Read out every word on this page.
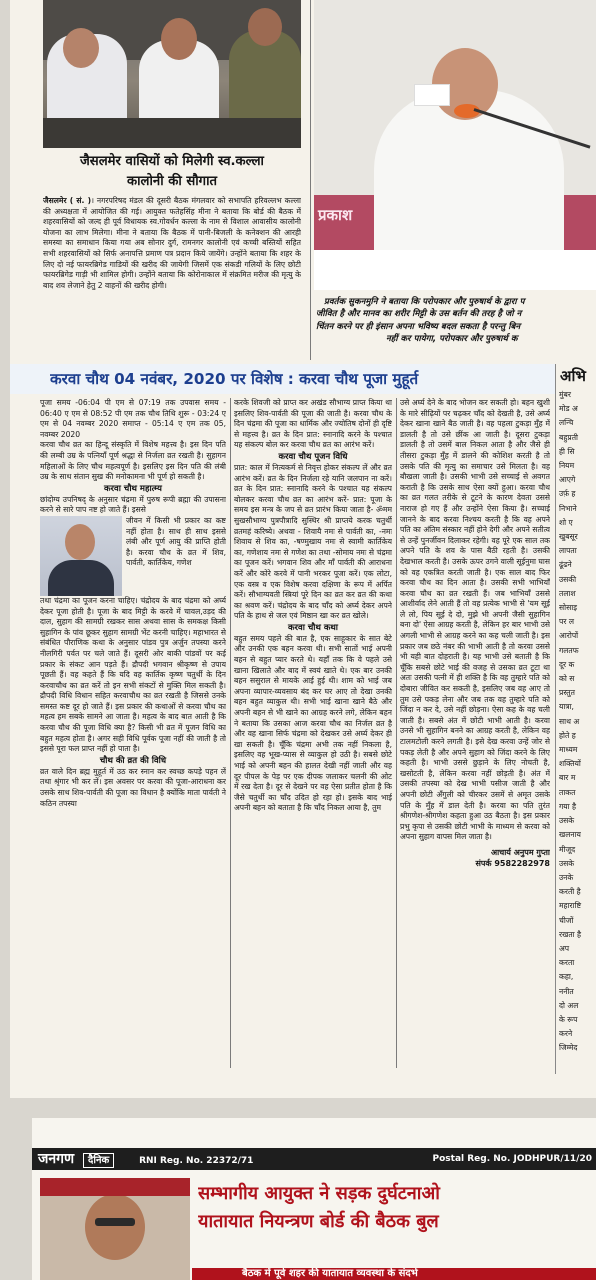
जैसलमेर वासियों को मिलेगी स्व.कल्ला
कालोनी की सौगात
जैसलमेर ( सं. )। नगरपरिषद मंडल की दूसरी बैठक मंगलवार को सभापति हरिवल्लभ कल्ला की अध्यक्षता में आयोजित की गई। आयुक्त फतेहसिंह मीना ने बताया कि बोर्ड की बैठक में शहरवासियों को जल्द ही पूर्व विधायक स्व.गोवर्धन कल्ला के नाम से विशाल आवासीय कालोनी योजना का लाभ मिलेगा। मीना ने बताया कि बैठक में पानी-बिजली के कनेक्शन की आरही समस्या का समाधान किया गया अब सोनार दुर्ग, रामनगर कालोनी एवं कच्ची बस्तियों सहित सभी शहरवासियों को सिर्फ अनापत्ति प्रमाण पत्र प्रदान किये जायेंगे। उन्होंने बताया कि शहर के लिए दो नई फायरब्रिगेड गाडियों की खरीद की जायेगी जिसमें एक संकडी गलियों के लिए छोटी फायरब्रिगेड गाड़ी भी शामिल होगी। उन्होंने बताया कि कोरोनाकाल में संक्रमित मरीज की मृत्यु के बाद शव लेजाने हेतु 2 वाहनों की खरीद होगी।
प्रकाश
प्रवर्तक सुकनमुनि ने बताया कि परोपकार और पुरुषार्थ के द्वारा प
जीवित है और मानव का शरीर मिट्टी के उस बर्तन की तरह है जो न
चिंतन करने पर ही इंसान अपना भविष्य बदल सकता है परन्तु बिन
नहीं कर पायेगा, परोपकार और पुरुषार्थ क
करवा चौथ 04 नवंबर, 2020 पर विशेष : करवा चौथ पूजा मुहूर्त	अभि
मुंबर
मोड अ
लन्चि
बहुप्रती
ही सि
नियम
आएगे
उर्फ़ ह
निभाने
शो ए
खुबसूर
लापता
ढूंढने
उसकी
तलाश
सोसाइ
पर ल
आरोपों
गलतफ
दूर क
को स
प्रस्तुत
यात्रा,
साथ अ
होते ह
माध्यम
शक्तियों
बार म
ताकत
गया है
उसके
खलनाय
मीजूद
उसके
उनके
करती है
महाराष्टि
चीजों
रखता है
अप
करता
कहा,
ननीत
दो अल
के रूप
करने
जिम्मेद
पूजा समय -06:04 पी एम से 07:19 तक उपवास समय - 06:40 ए एम से 08:52 पी एम तक चौथ तिथि शुरू - 03:24 ए एम से 04 नवम्बर 2020 समाप्त - 05:14 ए एम तक 05, नवम्बर 2020
करवा चौथ व्रत का हिन्दू संस्कृति में विशेष महत्त्व है। इस दिन पति की लम्बी उम्र के पत्नियाँ पूर्ण श्रद्धा से निर्जला व्रत रखती है। सुहागन महिलाओं के लिए चौथ महत्वपूर्ण है। इसलिए इस दिन पति की लंबी उम्र के साथ संतान सुख की मनोकामना भी पूर्ण हो सकती है।
करवा चौथ महात्म्य
छांदोग्य उपनिषद् के अनुसार चंद्रमा में पुरुष रूपी ब्रह्मा की उपासना करने से सारे पाप नष्ट हो जाते हैं। इससे
जीवन में किसी भी प्रकार का कष्ट नहीं होता है। साथ ही साथ इससे लंबी और पूर्ण आयु की प्राप्ति होती है। करवा चौथ के व्रत में शिव, पार्वती, कार्तिकेय, गणेश
तथा चंद्रमा का पूजन करना चाहिए। चंद्रोदय के बाद चंद्रमा को अर्घ्य देकर पूजा होती है। पूजा के बाद मिट्टी के करवे में चावल,उड़द की दाल, सुहाग की सामग्री रखकर सास अथवा सास के समकक्ष किसी सुहागिन के पांव छूकर सुहाग सामग्री भेंट करनी चाहिए। महाभारत से संबंधित पौराणिक कथा के अनुसार पांडव पुत्र अर्जुन तपस्या करने नीलगिरी पर्वत पर चले जाते हैं। दूसरी ओर बाकी पांडवों पर कई प्रकार के संकट आन पड़ते हैं। द्रौपदी भगवान श्रीकृष्ण से उपाय पूछती हैं। वह कहते हैं कि यदि वह कार्तिक कृष्ण चतुर्थी के दिन करवाचौथ का व्रत करें तो इन सभी संकटों से मुक्ति मिल सकती है। द्रौपदी विधि विधान सहित करवाचौथ का व्रत रखती है जिससे उनके समस्त कष्ट दूर हो जाते हैं। इस प्रकार की कथाओं से करवा चौथ का महत्व हम सबके सामने आ जाता है। महत्व के बाद बात आती है कि करवा चौथ की पूजा विधि क्या है? किसी भी व्रत में पूजन विधि का बहुत महत्व होता है। अगर सही विधि पूर्वक पूजा नहीं की जाती है तो इससे पूरा फल प्राप्त नहीं हो पाता है।
चौथ की व्रत की विधि
व्रत वाले दिन ब्रह्म मुहूर्त में उठ कर स्नान कर स्वच्छ कपड़े पहन लें तथा श्रृंगार भी कर लें। इस अवसर पर करवा की पूजा-आराधना कर उसके साथ शिव-पार्वती की पूजा का विधान है क्योंकि माता पार्वती ने कठिन तपस्या
करके शिवजी को प्राप्त कर अखंड सौभाग्य प्राप्त किया था इसलिए शिव-पार्वती की पूजा की जाती है। करवा चौथ के दिन चंद्रमा की पूजा का धार्मिक और ज्योतिष दोनों ही दृष्टि से महत्त्व है। व्रत के दिन प्रात: स्नानादि करने के पश्चात यह संकल्प बोल कर करवा चौथ व्रत का आरंभ करें।
करवा चौथ पूजन विधि
प्रात: काल में नित्यकर्म से निवृत्त होकर संकल्प लें और व्रत आरंभ करें। व्रत के दिन निर्जला रहे यानि जलपान ना करें। व्रत के दिन प्रात: स्नानादि करने के पश्चात यह संकल्प बोलकर करवा चौथ व्रत का आरंभ करें- प्रात: पूजा के समय इस मन्त्र के जप से व्रत प्रारंभ किया जाता है- ॐमम सुखसौभाग्य पुत्रपौत्रादि सुस्थिर श्री प्राप्तये करक चतुर्थी व्रतमहं करिष्ये। अथवा - शिवायै नमः से पार्वती का, -नमः शिवाय से शिव का, -षण्मुखाय नमः से स्वामी कार्तिकेय का, गणेशाय नमः से गणेश का तथा -सोमाय नमः से चंद्रमा का पूजन करें। भगवान शिव और माँ पार्वती की आराधना करें और कोरे करवे में पानी भरकर पूजा करें। एक लोटा, एक वस्त्र व एक विशेष करवा दक्षिणा के रूप में अर्पित करें। सौभाग्यवती स्त्रियां पूरे दिन का व्रत कर व्रत की कथा का श्रवण करें। चंद्रोदय के बाद चाँद को अर्घ्य देकर अपने पति के हाथ से जल एवं मिष्ठान खा कर व्रत खोले।
करवा चौथ कथा
बहुत समय पहले की बात है, एक साहूकार के सात बेटे और उनकी एक बहन करवा थी। सभी सातों भाई अपनी बहन से बहुत प्यार करते थे। यहाँ तक कि वे पहले उसे खाना खिलाते और बाद में स्वयं खाते थे। एक बार उनकी बहन ससुराल से मायके आई हुई थी। शाम को भाई जब अपना व्यापार-व्यवसाय बंद कर घर आए तो देखा उनकी बहन बहुत व्याकुल थी। सभी भाई खाना खाने बैठे और अपनी बहन से भी खाने का आग्रह करने लगे, लेकिन बहन ने बताया कि उसका आज करवा चौथ का निर्जल व्रत है और वह खाना सिर्फ चंद्रमा को देखकर उसे अर्घ्‍य देकर ही खा सकती है। चूँकि चंद्रमा अभी तक नहीं निकला है, इसलिए वह भूख-प्यास से व्याकुल हो उठी है। सबसे छोटे भाई को अपनी बहन की हालत देखी नहीं जाती और वह दूर पीपल के पेड़ पर एक दीपक जलाकर चलनी की ओट में रख देता है। दूर से देखने पर वह ऐसा प्रतीत होता है कि जैसे चतुर्थी का चाँद उदित हो रहा हो। इसके बाद भाई अपनी बहन को बताता है कि चाँद निकल आया है, तुम
उसे अर्घ्य देने के बाद भोजन कर सकती हो। बहन खुशी के मारे सीढ़ियों पर चढ़कर चाँद को देखती है, उसे अर्घ्‍य देकर खाना खाने बैठ जाती है। वह पहला टुकड़ा मुँह में डालती है तो उसे छींक आ जाती है। दूसरा टुकड़ा डालती है तो उसमें बाल निकल आता है और जैसे ही तीसरा टुकड़ा मुँह में डालने की कोशिश करती है तो उसके पति की मृत्यु का समाचार उसे मिलता है। वह बौखला जाती है। उसकी भाभी उसे सच्चाई से अवगत कराती है कि उसके साथ ऐसा क्यों हुआ। करवा चौथ का व्रत गलत तरीके से टूटने के कारण देवता उससे नाराज हो गए हैं और उन्होंने ऐसा किया है। सच्चाई जानने के बाद करवा निश्चय करती है कि वह अपने पति का अंतिम संस्कार नहीं होने देगी और अपने सतीत्व से उन्हें पुनर्जीवन दिलाकर रहेगी। वह पूरे एक साल तक अपने पति के शव के पास बैठी रहती है। उसकी देखभाल करती है। उसके ऊपर उगने वाली सूईनुमा घास को वह एकत्रित करती जाती है। एक साल बाद फिर करवा चौथ का दिन आता है। उसकी सभी भाभियाँ करवा चौथ का व्रत रखती हैं। जब भाभियाँ उससे आशीर्वाद लेने आती हैं तो वह प्रत्येक भाभी से 'यम सूई ले लो, पिय सूई दे दो, मुझे भी अपनी जैसी सुहागिन बना दो' ऐसा आग्रह करती है, लेकिन हर बार भाभी उसे अगली भाभी से आग्रह करने का कह चली जाती है। इस प्रकार जब छठे नंबर की भाभी आती है तो करवा उससे भी यही बात दोहराती है। यह भाभी उसे बताती है कि चूँकि सबसे छोटे भाई की वजह से उसका व्रत टूटा था अतः उसकी पत्नी में ही शक्ति है कि वह तुम्हारे पति को दोबारा जीवित कर सकती है, इसलिए जब वह आए तो तुम उसे पकड़ लेना और जब तक वह तुम्हारे पति को जिंदा न कर दे, उसे नहीं छोड़ना। ऐसा कह के वह चली जाती है। सबसे अंत में छोटी भाभी आती है। करवा उनसे भी सुहागिन बनने का आग्रह करती है, लेकिन वह टालमटोली करने लगती है। इसे देख करवा उन्हें जोर से पकड़ लेती है और अपने सुहाग को जिंदा करने के लिए कहती है। भाभी उससे छुड़ाने के लिए नोचती है, खसोटती है, लेकिन करवा नहीं छोड़ती है। अंत में उसकी तपस्या को देख भाभी पसीज जाती है और अपनी छोटी अँगुली को चीरकर उसमें से अमृत उसके पति के मुँह में डाल देती है। करवा का पति तुरंत श्रीगणेश-श्रीगणेश कहता हुआ उठ बैठता है। इस प्रकार प्रभु कृपा से उसकी छोटी भाभी के माध्यम से करवा को अपना सुहाग वापस मिल जाता है।
आचार्य अनुपम गुप्ता
संपर्क 9582282978
जनगण दैनिक	RNI Reg. No. 22372/71	Postal Reg. No. JODHPUR/11/20
सम्भागीय आयुक्त ने सड़क दुर्घटनाओ
यातायात नियन्त्रण बोर्ड की बैठक बुल
बैठक में पूर्व शहर की यातायात व्यवस्था के संदर्भ
